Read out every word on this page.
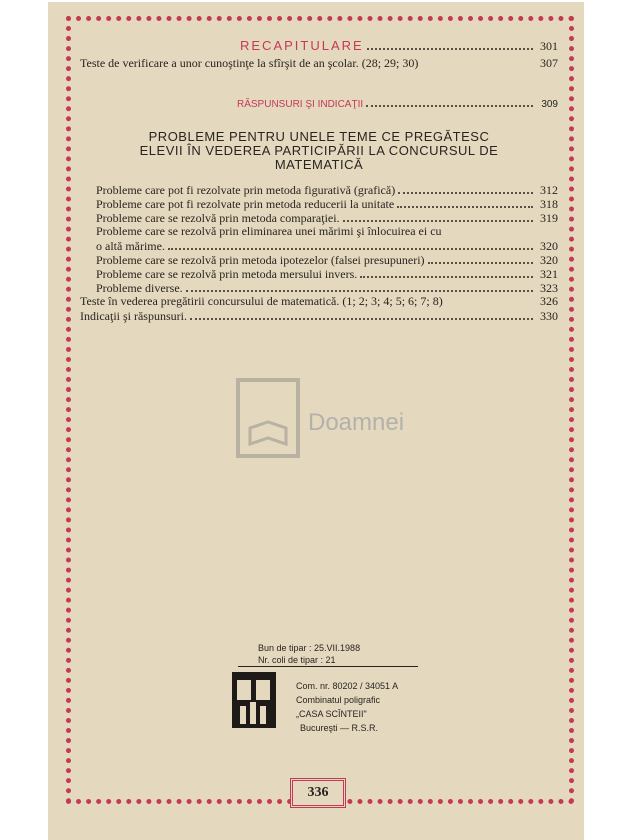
RECAPITULARE	301
Teste de verificare a unor cunoştinţe la sfîrşit de an şcolar. (28; 29; 30)	307
RĂSPUNSURI ŞI INDICAŢII	309
PROBLEME PENTRU UNELE TEME CE PREGĂTESC
ELEVII ÎN VEDEREA PARTICIPĂRII LA CONCURSUL DE
MATEMATICĂ
Probleme care pot fi rezolvate prin metoda figurativă (grafică)	312
Probleme care pot fi rezolvate prin metoda reducerii la unitate	318
Probleme care se rezolvă prin metoda comparaţiei.	319
Probleme care se rezolvă prin eliminarea unei mărimi şi înlocuirea ei cu
o altă mărime.	320
Probleme care se rezolvă prin metoda ipotezelor (falsei presupuneri)	320
Probleme care se rezolvă prin metoda mersului invers.	321
Probleme diverse.	323
Teste în vederea pregătirii concursului de matematică. (1; 2; 3; 4; 5; 6; 7; 8)	326
Indicaţii şi răspunsuri.	330
Doamnei
Bun de tipar : 25.VII.1988
Nr. coli de tipar : 21
Com. nr. 80202 / 34051 A
Combinatul poligrafic
„CASA SCÎNTEII"
Bucureşti — R.S.R.
336
